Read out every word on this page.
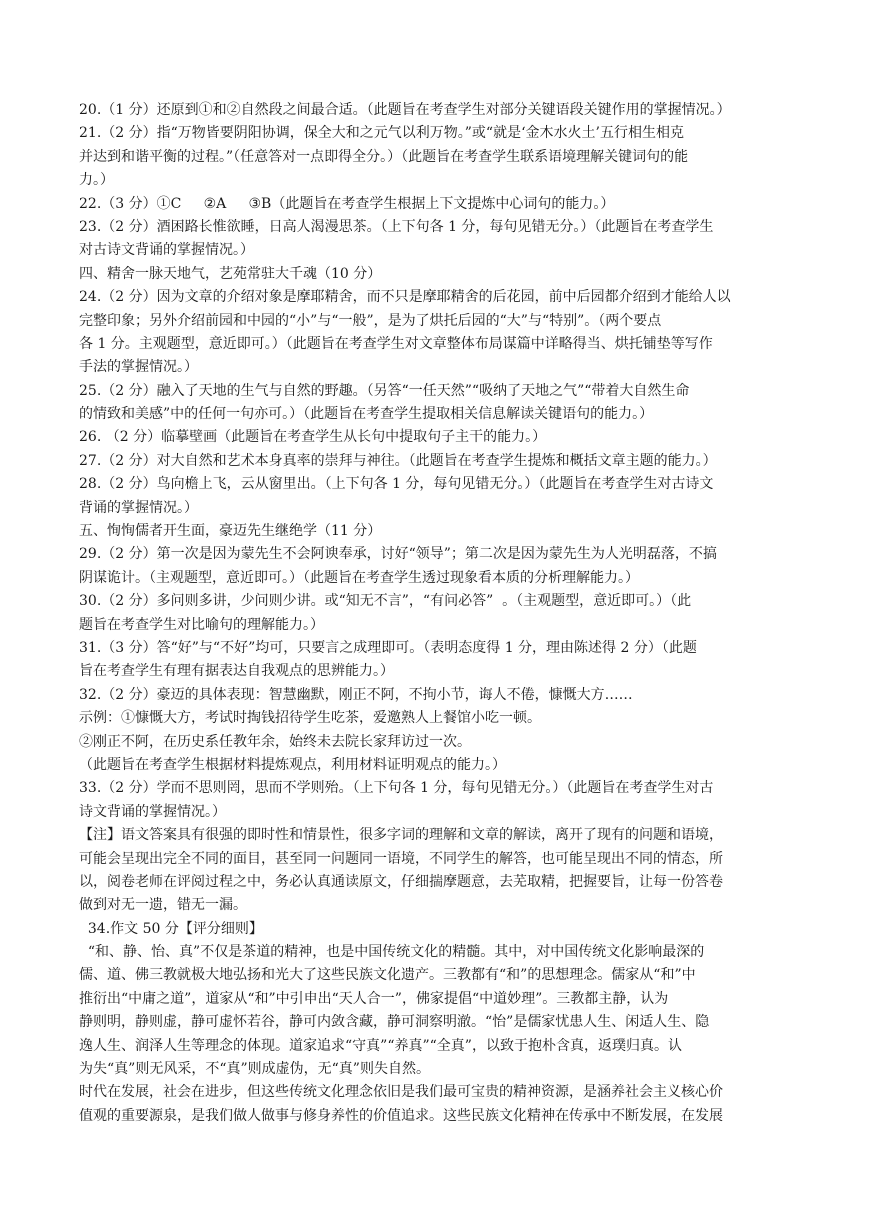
20.（1 分）还原到①和②自然段之间最合适。（此题旨在考查学生对部分关键语段关键作用的掌握情况。）
21.（2 分）指“万物皆要阴阳协调，保全大和之元气以利万物。”或“就是‘金木水火土’五行相生相克
并达到和谐平衡的过程。”（任意答对一点即得全分。）（此题旨在考查学生联系语境理解关键词句的能
力。）
22.（3 分）①C     ②A     ③B（此题旨在考查学生根据上下文提炼中心词句的能力。）
23.（2 分）酒困路长惟欲睡，日高人渴漫思茶。（上下句各 1 分，每句见错无分。）（此题旨在考查学生
对古诗文背诵的掌握情况。）
四、精舍一脉天地气，艺苑常驻大千魂（10 分）
24.（2 分）因为文章的介绍对象是摩耶精舍，而不只是摩耶精舍的后花园，前中后园都介绍到才能给人以
完整印象；另外介绍前园和中园的“小”与“一般”，是为了烘托后园的“大”与“特别”。（两个要点
各 1 分。主观题型，意近即可。）（此题旨在考查学生对文章整体布局谋篇中详略得当、烘托铺垫等写作
手法的掌握情况。）
25.（2 分）融入了天地的生气与自然的野趣。（另答“一任天然”“吸纳了天地之气”“带着大自然生命
的情致和美感”中的任何一句亦可。）（此题旨在考查学生提取相关信息解读关键语句的能力。）
26. （2 分）临摹壁画（此题旨在考查学生从长句中提取句子主干的能力。）
27.（2 分）对大自然和艺术本身真率的崇拜与神往。（此题旨在考查学生提炼和概括文章主题的能力。）
28.（2 分）鸟向檐上飞，云从窗里出。（上下句各 1 分，每句见错无分。）（此题旨在考查学生对古诗文
背诵的掌握情况。）
五、恂恂儒者开生面，豪迈先生继绝学（11 分）
29.（2 分）第一次是因为蒙先生不会阿谀奉承，讨好“领导”；第二次是因为蒙先生为人光明磊落，不搞
阴谋诡计。（主观题型，意近即可。）（此题旨在考查学生透过现象看本质的分析理解能力。）
30.（2 分）多问则多讲，少问则少讲。或“知无不言”，“有问必答”  。（主观题型，意近即可。）（此
题旨在考查学生对比喻句的理解能力。）
31.（3 分）答“好”与“不好”均可，只要言之成理即可。（表明态度得 1 分，理由陈述得 2 分）（此题
旨在考查学生有理有据表达自我观点的思辨能力。）
32.（2 分）豪迈的具体表现：智慧幽默，刚正不阿，不拘小节，诲人不倦，慷慨大方……
示例：①慷慨大方，考试时掏钱招待学生吃茶，爱邀熟人上餐馆小吃一顿。
②刚正不阿，在历史系任教年余，始终未去院长家拜访过一次。
（此题旨在考查学生根据材料提炼观点，利用材料证明观点的能力。）
33.（2 分）学而不思则罔，思而不学则殆。（上下句各 1 分，每句见错无分。）（此题旨在考查学生对古
诗文背诵的掌握情况。）
【注】语文答案具有很强的即时性和情景性，很多字词的理解和文章的解读，离开了现有的问题和语境，
可能会呈现出完全不同的面目，甚至同一问题同一语境，不同学生的解答，也可能呈现出不同的情态，所
以，阅卷老师在评阅过程之中，务必认真通读原文，仔细揣摩题意，去芜取精，把握要旨，让每一份答卷
做到对无一遗，错无一漏。
34.作文 50 分【评分细则】
“和、静、怡、真”不仅是茶道的精神，也是中国传统文化的精髓。其中，对中国传统文化影响最深的
儒、道、佛三教就极大地弘扬和光大了这些民族文化遗产。三教都有“和”的思想理念。儒家从“和”中
推衍出“中庸之道”，道家从“和”中引申出“天人合一”，佛家提倡“中道妙理”。三教都主静，认为
静则明，静则虚，静可虚怀若谷，静可内敛含藏，静可洞察明澈。“怡”是儒家忧患人生、闲适人生、隐
逸人生、润泽人生等理念的体现。道家追求“守真”“养真”“全真”，以致于抱朴含真，返璞归真。认
为失“真”则无风采，不“真”则成虚伪，无“真”则失自然。
时代在发展，社会在进步，但这些传统文化理念依旧是我们最可宝贵的精神资源，是涵养社会主义核心价
值观的重要源泉，是我们做人做事与修身养性的价值追求。这些民族文化精神在传承中不断发展，在发展
